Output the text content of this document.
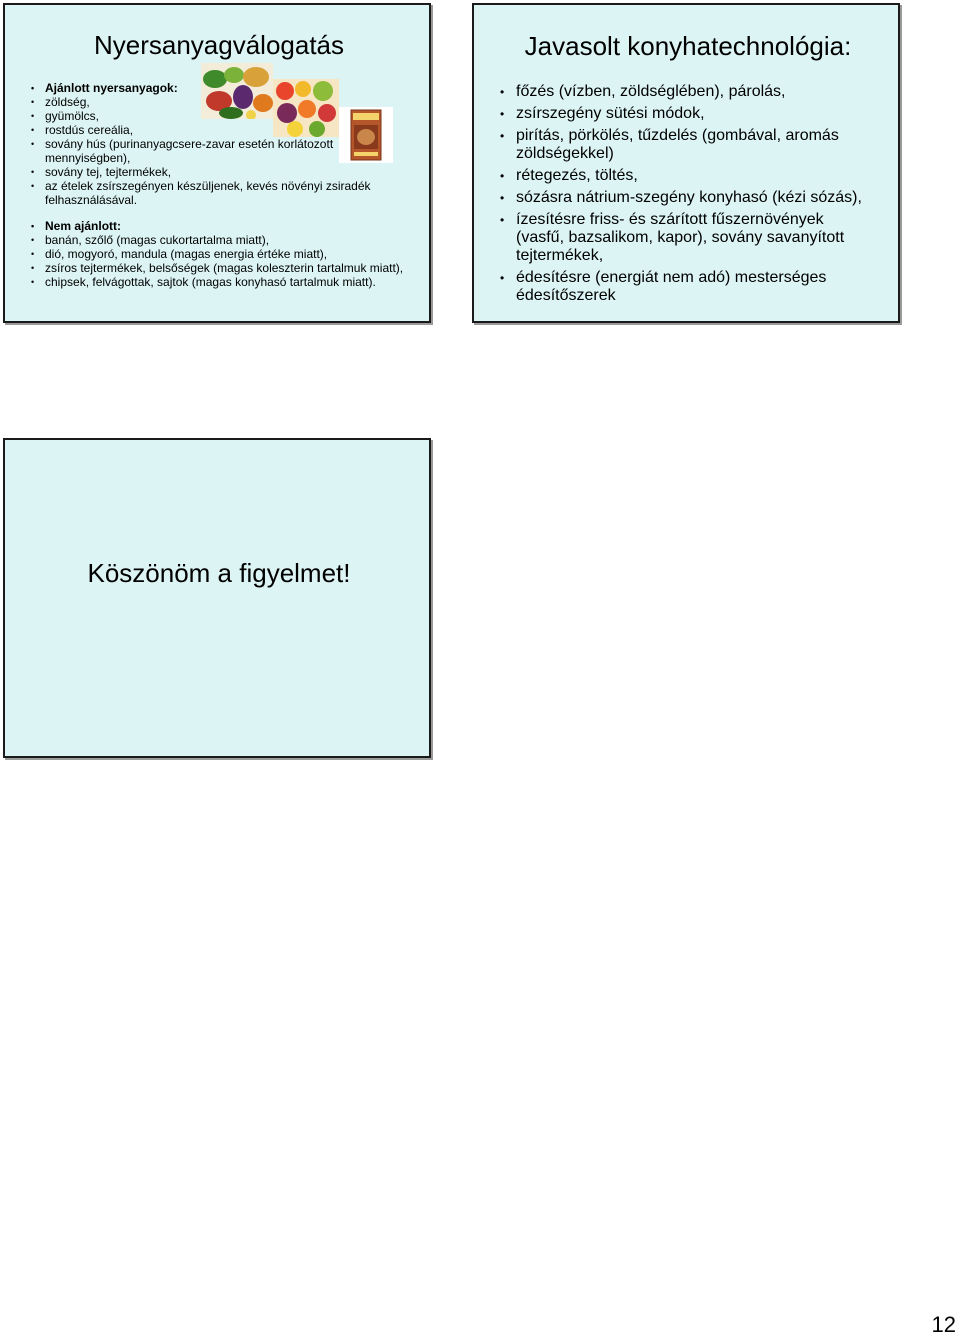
Nyersanyagválogatás
• Ajánlott nyersanyagok:
• zöldség,
• gyümölcs,
• rostdús cereália,
• sovány hús (purinanyagcsere-zavar esetén korlátozott mennyiségben),
• sovány tej, tejtermékek,
• az ételek zsírszegényen készüljenek, kevés növényi zsiradék felhasználásával.
• Nem ajánlott:
• banán, szőlő (magas cukortartalma miatt),
• dió, mogyoró, mandula (magas energia értéke miatt),
• zsíros tejtermékek, belsőségek (magas koleszterin tartalmuk miatt),
• chipsek, felvágottak, sajtok (magas konyhasó tartalmuk miatt).
Javasolt konyhatechnológia:
• főzés (vízben, zöldséglében), párolás,
• zsírszegény sütési módok,
• pirítás, pörkölés, tűzdelés (gombával, aromás zöldségekkel)
• rétegezés, töltés,
• sózásra nátrium-szegény konyhasó (kézi sózás),
• ízesítésre friss- és szárított fűszernövények (vasfű, bazsalikom, kapor), sovány savanyított tejtermékek,
• édesítésre (energiát nem adó) mesterséges édesítőszerek
Köszönöm a figyelmet!
12
